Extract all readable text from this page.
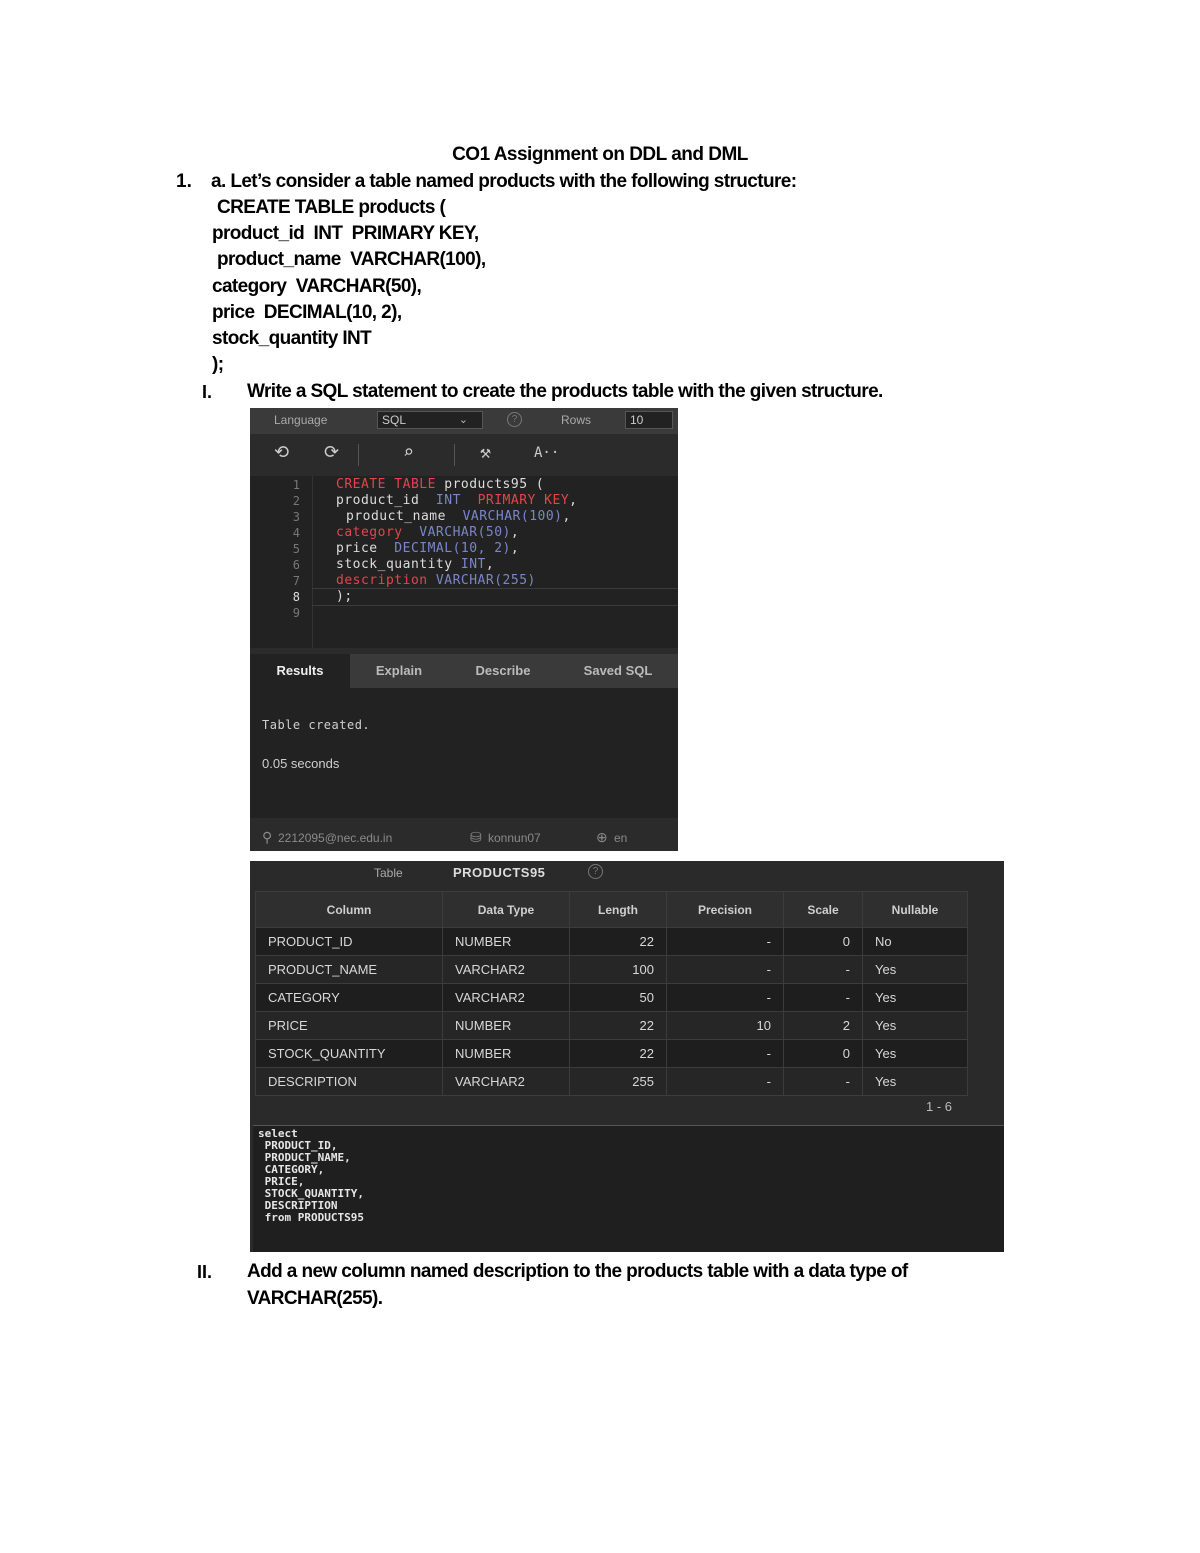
CO1 Assignment on DDL and DML
1. a. Let’s consider a table named products with the following structure:
CREATE TABLE products (
product_id  INT  PRIMARY KEY,
product_name  VARCHAR(100),
category  VARCHAR(50),
price  DECIMAL(10, 2),
stock_quantity INT
);
I. Write a SQL statement to create the products table with the given structure.
Language	SQL	⌄	?	Rows	10
⟲ ⟳	⌕	⚒	A··
1
2
3
4
5
6
7
8
9
CREATE TABLE products95 (
product_id  INT  PRIMARY KEY,
product_name  VARCHAR(100),
category  VARCHAR(50),
price  DECIMAL(10, 2),
stock_quantity INT,
description VARCHAR(255)
);
Results	Explain	Describe	Saved SQL
Table created.
0.05 seconds
⚲ 2212095@nec.edu.in	⛁ konnun07	⊕ en
Table	PRODUCTS95	?
Column	Data Type	Length	Precision	Scale	Nullable
PRODUCT_ID	NUMBER	22	-	0	No
PRODUCT_NAME	VARCHAR2	100	-	-	Yes
CATEGORY	VARCHAR2	50	-	-	Yes
PRICE	NUMBER	22	10	2	Yes
STOCK_QUANTITY	NUMBER	22	-	0	Yes
DESCRIPTION	VARCHAR2	255	-	-	Yes
1 - 6
select
PRODUCT_ID,
PRODUCT_NAME,
CATEGORY,
PRICE,
STOCK_QUANTITY,
DESCRIPTION
from PRODUCTS95
II. Add a new column named description to the products table with a data type of
VARCHAR(255).
